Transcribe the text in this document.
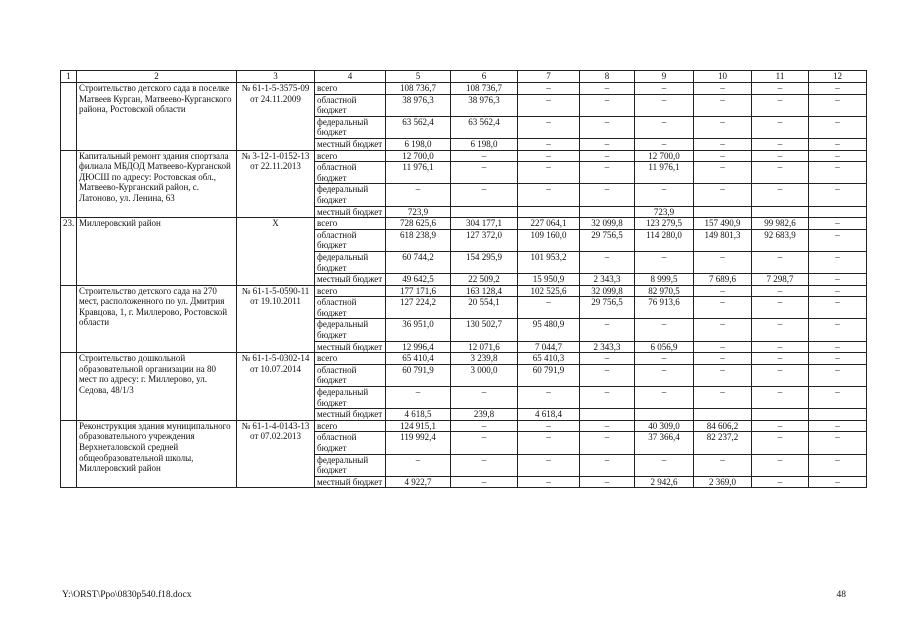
1	2	3	4	5	6	7	8	9	10	11	12
	Строительство детского сада в поселке Матвеев Курган, Матвеево-Курганского района, Ростовской области	№ 61-1-5-3575-09 от 24.11.2009	всего	108 736,7	108 736,7	–	–	–	–	–	–
			областной бюджет	38 976,3	38 976,3	–	–	–	–	–	–
			федеральный бюджет	63 562,4	63 562,4	–	–	–	–	–	–
			местный бюджет	6 198,0	6 198,0	–	–	–	–	–	–
	Капитальный ремонт здания спортзала филиала МБДОД Матвеево-Курганской ДЮСШ по адресу: Ростовская обл., Матвеево-Курганский район, с. Латоново, ул. Ленина, 63	№ 3-12-1-0152-13 от 22.11.2013	всего	12 700,0	–	–	–	12 700,0	–	–	–
			областной бюджет	11 976,1	–	–	–	11 976,1	–	–	–
			федеральный бюджет	–	–	–	–	–	–	–	–
			местный бюджет	723,9				723,9			
23.	Миллеровский район	Х	всего	728 625,6	304 177,1	227 064,1	32 099,8	123 279,5	157 490,9	99 982,6	–
			областной бюджет	618 238,9	127 372,0	109 160,0	29 756,5	114 280,0	149 801,3	92 683,9	–
			федеральный бюджет	60 744,2	154 295,9	101 953,2	–	–	–	–	–
			местный бюджет	49 642,5	22 509,2	15 950,9	2 343,3	8 999,5	7 689,6	7 298,7	–
	Строительство детского сада на 270 мест, расположенного по ул. Дмитрия Кравцова, 1, г. Миллерово, Ростовской области	№ 61-1-5-0590-11 от 19.10.2011	всего	177 171,6	163 128,4	102 525,6	32 099,8	82 970,5	–	–	–
			областной бюджет	127 224,2	20 554,1	–	29 756,5	76 913,6	–	–	–
			федеральный бюджет	36 951,0	130 502,7	95 480,9	–	–	–	–	–
			местный бюджет	12 996,4	12 071,6	7 044,7	2 343,3	6 056,9	–	–	–
	Строительство дошкольной образовательной организации на 80 мест по адресу: г. Миллерово, ул. Седова, 48/1/3	№ 61-1-5-0302-14 от 10.07.2014	всего	65 410,4	3 239,8	65 410,3	–	–	–	–	–
			областной бюджет	60 791,9	3 000,0	60 791,9	–	–	–	–	–
			федеральный бюджет	–	–	–	–	–	–	–	–
			местный бюджет	4 618,5	239,8	4 618,4					
	Реконструкция здания муниципального образовательного учреждения Верхнеталовской средней общеобразовательной школы, Миллеровский район	№ 61-1-4-0143-13 от 07.02.2013	всего	124 915,1	–	–	–	40 309,0	84 606,2	–	–
			областной бюджет	119 992,4	–	–	–	37 366,4	82 237,2	–	–
			федеральный бюджет	–	–	–	–	–	–	–	–
			местный бюджет	4 922,7	–	–	–	2 942,6	2 369,0	–	–
Y:\ORST\Ppo\0830p540.f18.docx	48
